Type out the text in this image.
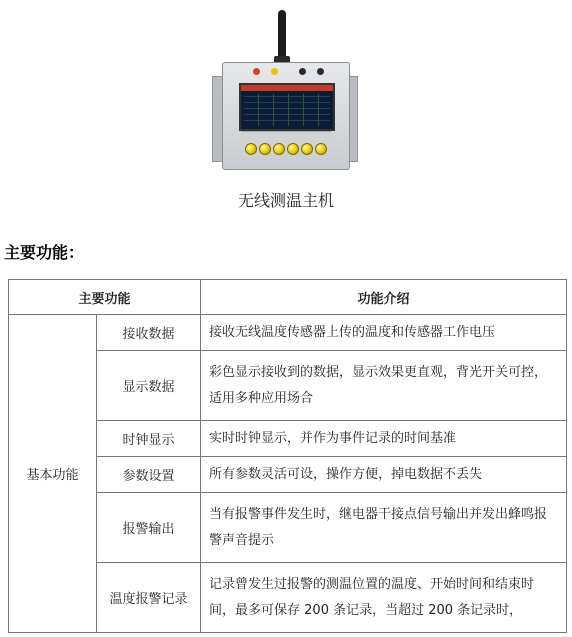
无线测温主机
主要功能：
主要功能		功能介绍
基本功能	接收数据	接收无线温度传感器上传的温度和传感器工作电压
	显示数据	彩色显示接收到的数据，显示效果更直观，背光开关可控，适用多种应用场合
	时钟显示	实时时钟显示，并作为事件记录的时间基准
	参数设置	所有参数灵活可设，操作方便，掉电数据不丢失
	报警输出	当有报警事件发生时，继电器干接点信号输出并发出蜂鸣报警声音提示
	温度报警记录	记录曾发生过报警的测温位置的温度、开始时间和结束时间，最多可保存 200 条记录，当超过 200 条记录时，
